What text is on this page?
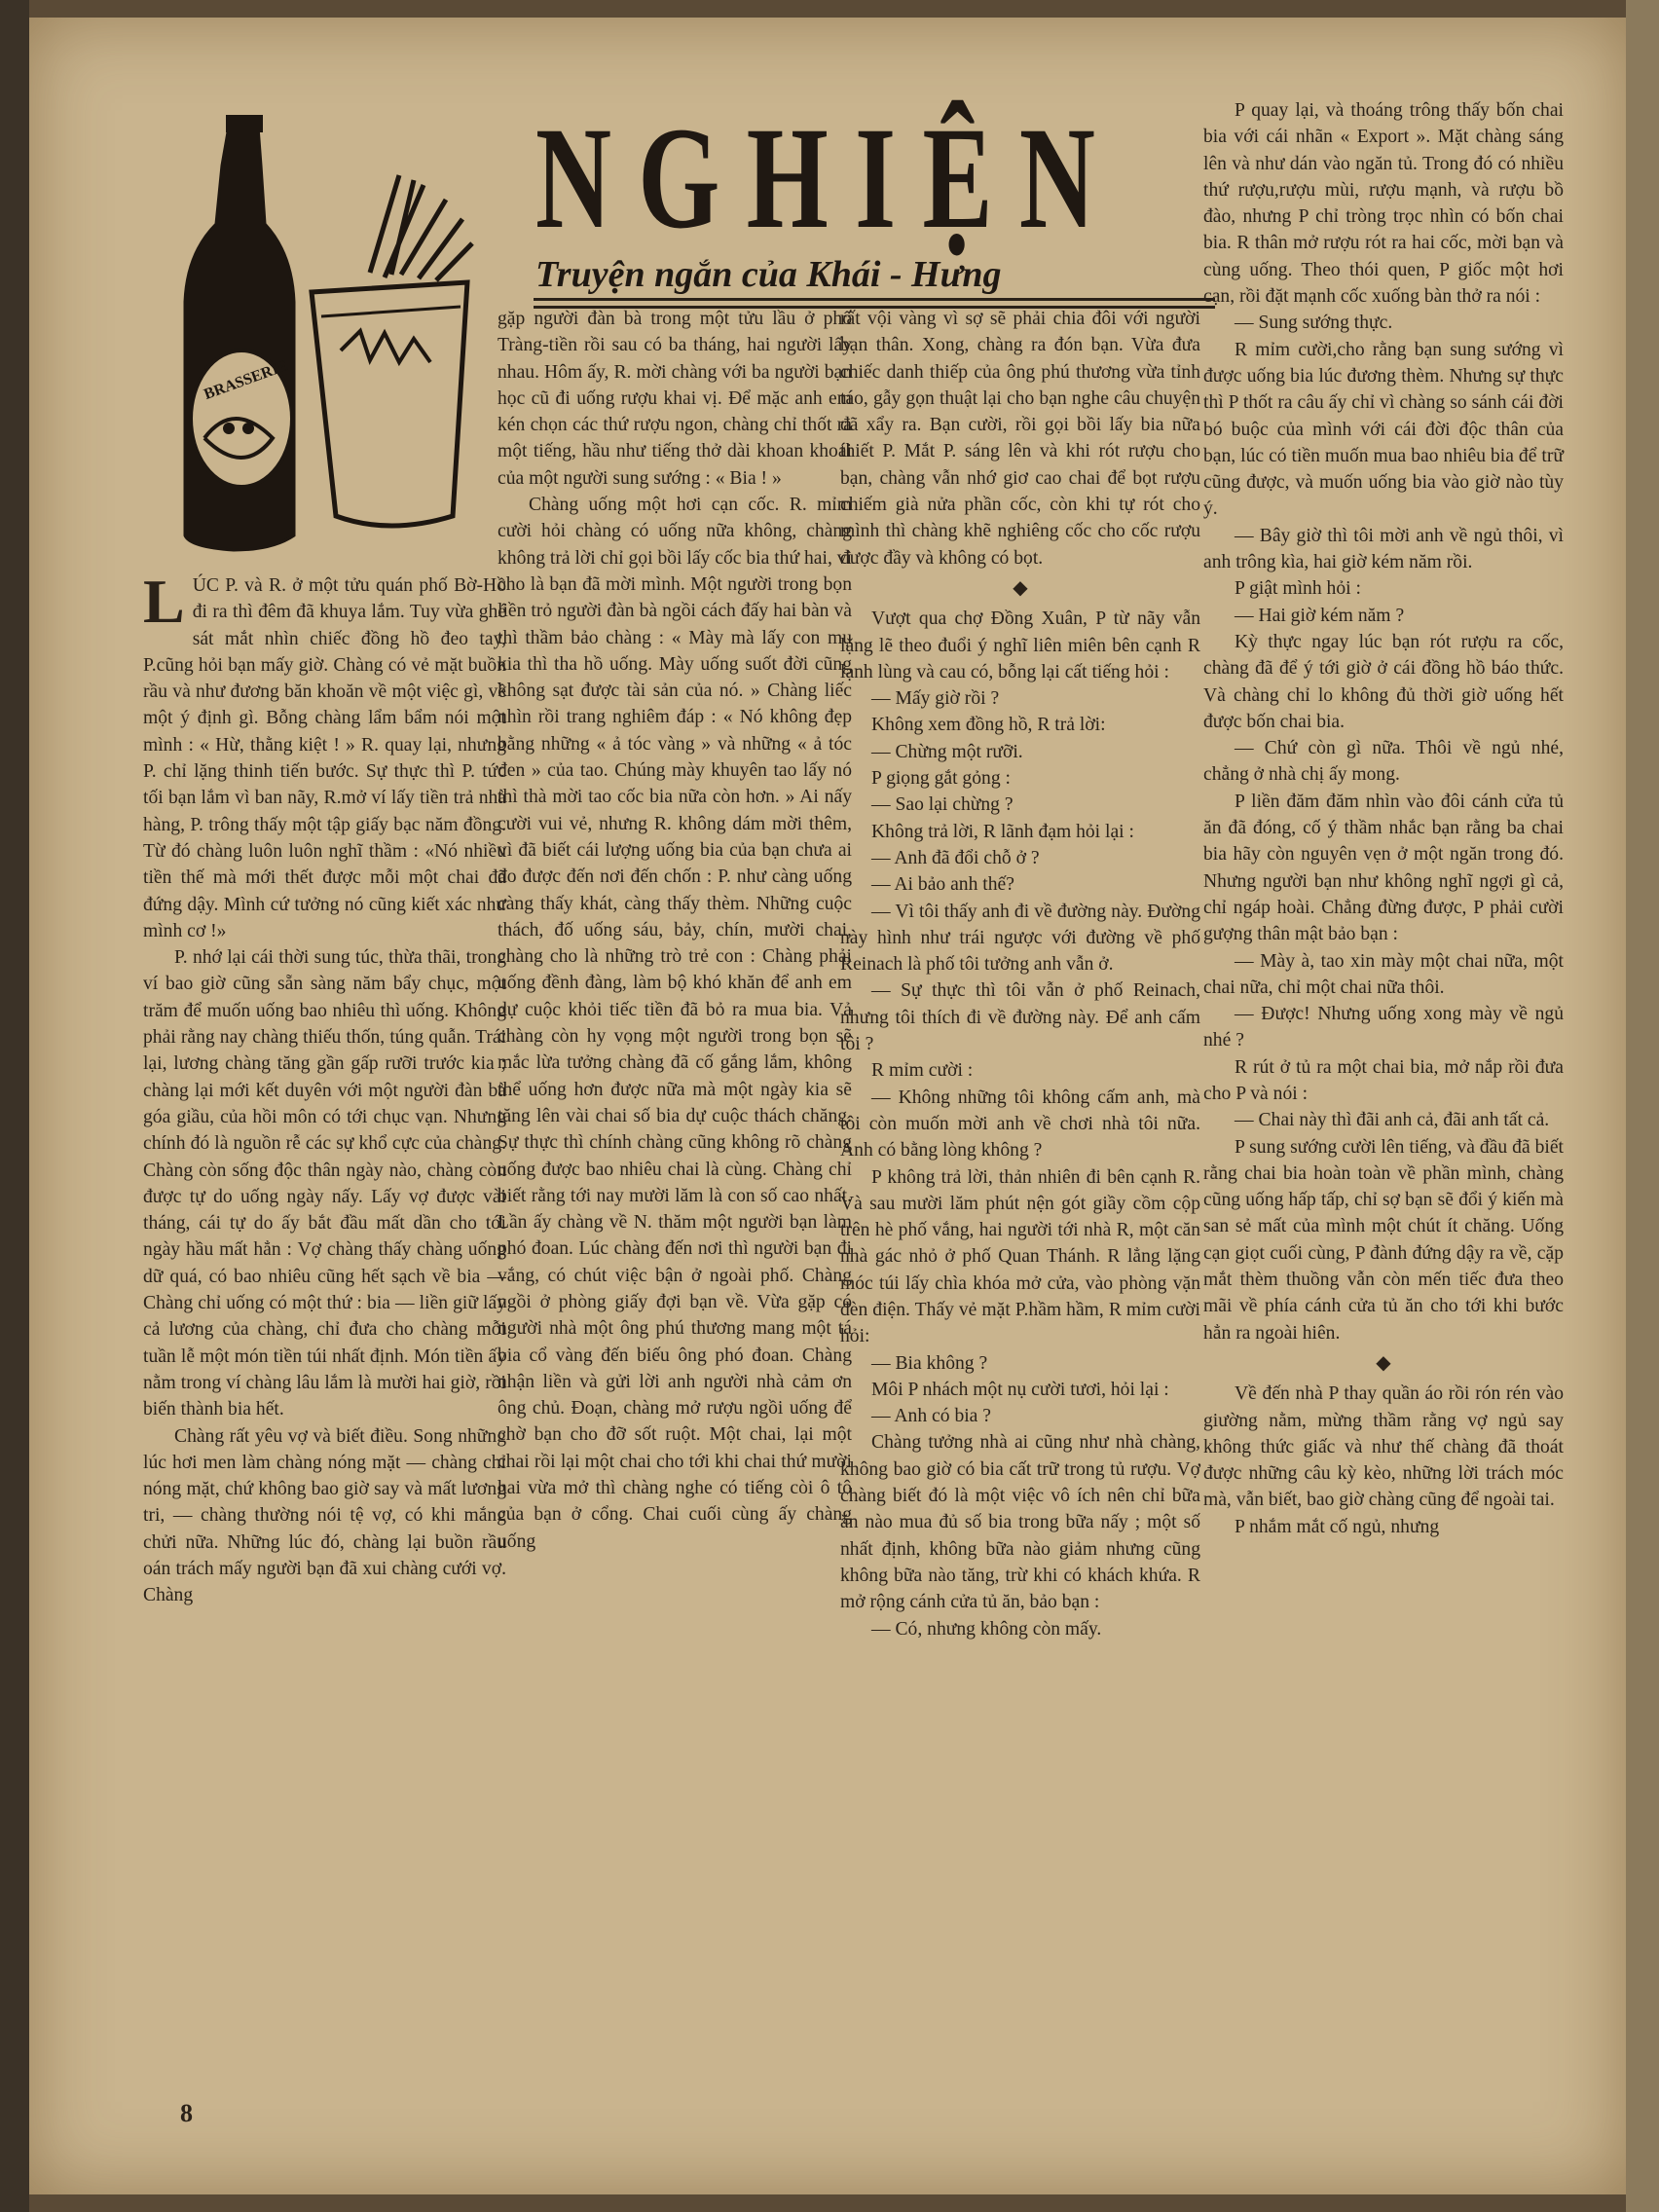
BRASSERIE
NGHIỆN
Truyện ngắn của Khái - Hưng

LÚC P. và R. ở một tửu quán phố Bờ-Hồ đi ra thì đêm đã khuya lắm. Tuy vừa ghé sát mắt nhìn chiếc đồng hồ đeo tay, P.cũng hỏi bạn mấy giờ. Chàng có vẻ mặt buồn rầu và như đương băn khoăn về một việc gì, về một ý định gì. Bỗng chàng lẩm bẩm nói một mình : « Hừ, thằng kiệt ! » R. quay lại, nhưng P. chỉ lặng thinh tiến bước. Sự thực thì P. tức tối bạn lắm vì ban nãy, R.mở ví lấy tiền trả nhà hàng, P. trông thấy một tập giấy bạc năm đồng. Từ đó chàng luôn luôn nghĩ thầm : «Nó nhiều tiền thế mà mới thết được mỗi một chai đã đứng dậy. Mình cứ tưởng nó cũng kiết xác như mình cơ !»

P. nhớ lại cái thời sung túc, thừa thãi, trong ví bao giờ cũng sẵn sàng năm bẩy chục, một trăm để muốn uống bao nhiêu thì uống. Không phải rằng nay chàng thiếu thốn, túng quẫn. Trái lại, lương chàng tăng gần gấp rưỡi trước kia ; chàng lại mới kết duyên với một người đàn bà góa giầu, của hồi môn có tới chục vạn. Nhưng chính đó là nguồn rễ các sự khổ cực của chàng. Chàng còn sống độc thân ngày nào, chàng còn được tự do uống ngày nấy. Lấy vợ được vài tháng, cái tự do ấy bắt đầu mất dần cho tới ngày hầu mất hẳn : Vợ chàng thấy chàng uống dữ quá, có bao nhiêu cũng hết sạch về bia — Chàng chỉ uống có một thứ : bia — liền giữ lấy cả lương của chàng, chỉ đưa cho chàng mỗi tuần lễ một món tiền túi nhất định. Món tiền ấy nằm trong ví chàng lâu lắm là mười hai giờ, rồi biến thành bia hết.

Chàng rất yêu vợ và biết điều. Song những lúc hơi men làm chàng nóng mặt — chàng chỉ nóng mặt, chứ không bao giờ say và mất lương tri, — chàng thường nói tệ vợ, có khi mắng chửi nữa. Những lúc đó, chàng lại buồn rầu oán trách mấy người bạn đã xui chàng cưới vợ. Chàng

gặp người đàn bà trong một tửu lầu ở phố Tràng-tiền rồi sau có ba tháng, hai người lấy nhau. Hôm ấy, R. mời chàng với ba người bạn học cũ đi uống rượu khai vị. Để mặc anh em kén chọn các thứ rượu ngon, chàng chỉ thốt ra một tiếng, hầu như tiếng thở dài khoan khoái của một người sung sướng : « Bia ! »

Chàng uống một hơi cạn cốc. R. mỉm cười hỏi chàng có uống nữa không, chàng không trả lời chỉ gọi bồi lấy cốc bia thứ hai, vì cho là bạn đã mời mình. Một người trong bọn liền trỏ người đàn bà ngồi cách đấy hai bàn và thì thầm bảo chàng : « Mày mà lấy con mụ kia thì tha hồ uống. Mày uống suốt đời cũng không sạt được tài sản của nó. » Chàng liếc nhìn rồi trang nghiêm đáp : « Nó không đẹp bằng những « ả tóc vàng » và những « ả tóc đen » của tao. Chúng mày khuyên tao lấy nó thì thà mời tao cốc bia nữa còn hơn. » Ai nấy cười vui vẻ, nhưng R. không dám mời thêm, vì đã biết cái lượng uống bia của bạn chưa ai đo được đến nơi đến chốn : P. như càng uống càng thấy khát, càng thấy thèm. Những cuộc thách, đố uống sáu, bảy, chín, mười chai, chàng cho là những trò trẻ con : Chàng phải uống đềnh đàng, làm bộ khó khăn để anh em dự cuộc khỏi tiếc tiền đã bỏ ra mua bia. Vả chàng còn hy vọng một người trong bọn sẽ mắc lừa tưởng chàng đã cố gắng lắm, không thể uống hơn được nữa mà một ngày kia sẽ tăng lên vài chai số bia dự cuộc thách chăng. Sự thực thì chính chàng cũng không rõ chàng uống được bao nhiêu chai là cùng. Chàng chỉ biết rằng tới nay mười lăm là con số cao nhất. Lần ấy chàng về N. thăm một người bạn làm phó đoan. Lúc chàng đến nơi thì người bạn đi vắng, có chút việc bận ở ngoài phố. Chàng ngồi ở phòng giấy đợi bạn về. Vừa gặp có người nhà một ông phú thương mang một tá bia cổ vàng đến biếu ông phó đoan. Chàng nhận liền và gửi lời anh người nhà cảm ơn ông chủ. Đoạn, chàng mở rượu ngồi uống để chờ bạn cho đỡ sốt ruột. Một chai, lại một chai rồi lại một chai cho tới khi chai thứ mười hai vừa mở thì chàng nghe có tiếng còi ô tô của bạn ở cổng. Chai cuối cùng ấy chàng uống

rất vội vàng vì sợ sẽ phải chia đôi với người bạn thân. Xong, chàng ra đón bạn. Vừa đưa chiếc danh thiếp của ông phú thương vừa tỉnh táo, gẫy gọn thuật lại cho bạn nghe câu chuyện đã xẩy ra. Bạn cười, rồi gọi bồi lấy bia nữa thiết P. Mắt P. sáng lên và khi rót rượu cho bạn, chàng vẫn nhớ giơ cao chai để bọt rượu chiếm già nửa phần cốc, còn khi tự rót cho mình thì chàng khẽ nghiêng cốc cho cốc rượu được đầy và không có bọt.

◆

Vượt qua chợ Đồng Xuân, P từ nãy vẫn lặng lẽ theo đuổi ý nghĩ liên miên bên cạnh R lạnh lùng và cau có, bỗng lại cất tiếng hỏi :

— Mấy giờ rồi ?

Không xem đồng hồ, R trả lời:

— Chừng một rưỡi.

P giọng gắt gỏng :

— Sao lại chừng ?

Không trả lời, R lãnh đạm hỏi lại :

— Anh đã đổi chỗ ở ?

— Ai bảo anh thế?

— Vì tôi thấy anh đi về đường này. Đường này hình như trái ngược với đường về phố Reinach là phố tôi tưởng anh vẫn ở.

— Sự thực thì tôi vẫn ở phố Reinach, nhưng tôi thích đi về đường này. Để anh cấm tôi ?

R mỉm cười :

— Không những tôi không cấm anh, mà tôi còn muốn mời anh về chơi nhà tôi nữa. Anh có bằng lòng không ?

P không trả lời, thản nhiên đi bên cạnh R. Và sau mười lăm phút nện gót giầy cồm cộp trên hè phố vắng, hai người tới nhà R, một căn nhà gác nhỏ ở phố Quan Thánh. R lẳng lặng móc túi lấy chìa khóa mở cửa, vào phòng vặn đèn điện. Thấy vẻ mặt P.hầm hầm, R mỉm cười hỏi:

— Bia không ?

Môi P nhách một nụ cười tươi, hỏi lại :

— Anh có bia ?

Chàng tưởng nhà ai cũng như nhà chàng, không bao giờ có bia cất trữ trong tủ rượu. Vợ chàng biết đó là một việc vô ích nên chỉ bữa ăn nào mua đủ số bia trong bữa nấy ; một số nhất định, không bữa nào giảm nhưng cũng không bữa nào tăng, trừ khi có khách khứa. R mở rộng cánh cửa tủ ăn, bảo bạn :

— Có, nhưng không còn mấy.

P quay lại, và thoáng trông thấy bốn chai bia với cái nhãn « Export ». Mặt chàng sáng lên và như dán vào ngăn tủ. Trong đó có nhiều thứ rượu,rượu mùi, rượu mạnh, và rượu bồ đào, nhưng P chỉ tròng trọc nhìn có bốn chai bia. R thân mở rượu rót ra hai cốc, mời bạn và cùng uống. Theo thói quen, P giốc một hơi cạn, rồi đặt mạnh cốc xuống bàn thở ra nói :

— Sung sướng thực.

R mỉm cười,cho rằng bạn sung sướng vì được uống bia lúc đương thèm. Nhưng sự thực thì P thốt ra câu ấy chỉ vì chàng so sánh cái đời bó buộc của mình với cái đời độc thân của bạn, lúc có tiền muốn mua bao nhiêu bia để trữ cũng được, và muốn uống bia vào giờ nào tùy ý.

— Bây giờ thì tôi mời anh về ngủ thôi, vì anh trông kìa, hai giờ kém năm rồi.

P giật mình hỏi :

— Hai giờ kém năm ?

Kỳ thực ngay lúc bạn rót rượu ra cốc, chàng đã để ý tới giờ ở cái đồng hồ báo thức. Và chàng chỉ lo không đủ thời giờ uống hết được bốn chai bia.

— Chứ còn gì nữa. Thôi về ngủ nhé, chẳng ở nhà chị ấy mong.

P liền đăm đăm nhìn vào đôi cánh cửa tủ ăn đã đóng, cố ý thầm nhắc bạn rằng ba chai bia hãy còn nguyên vẹn ở một ngăn trong đó. Nhưng người bạn như không nghĩ ngợi gì cả, chỉ ngáp hoài. Chẳng đừng được, P phải cười gượng thân mật bảo bạn :

— Mày à, tao xin mày một chai nữa, một chai nữa, chỉ một chai nữa thôi.

— Được! Nhưng uống xong mày về ngủ nhé ?

R rút ở tủ ra một chai bia, mở nắp rồi đưa cho P và nói :

— Chai này thì đãi anh cả, đãi anh tất cả.

P sung sướng cười lên tiếng, và đầu đã biết rằng chai bia hoàn toàn về phần mình, chàng cũng uống hấp tấp, chỉ sợ bạn sẽ đổi ý kiến mà san sẻ mất của mình một chút ít chăng. Uống cạn giọt cuối cùng, P đành đứng dậy ra về, cặp mắt thèm thuồng vẫn còn mến tiếc đưa theo mãi về phía cánh cửa tủ ăn cho tới khi bước hẳn ra ngoài hiên.

◆

Về đến nhà P thay quần áo rồi rón rén vào giường nằm, mừng thầm rằng vợ ngủ say không thức giấc và như thế chàng đã thoát được những câu kỳ kèo, những lời trách móc mà, vẫn biết, bao giờ chàng cũng để ngoài tai.

P nhắm mắt cố ngủ, nhưng

8
